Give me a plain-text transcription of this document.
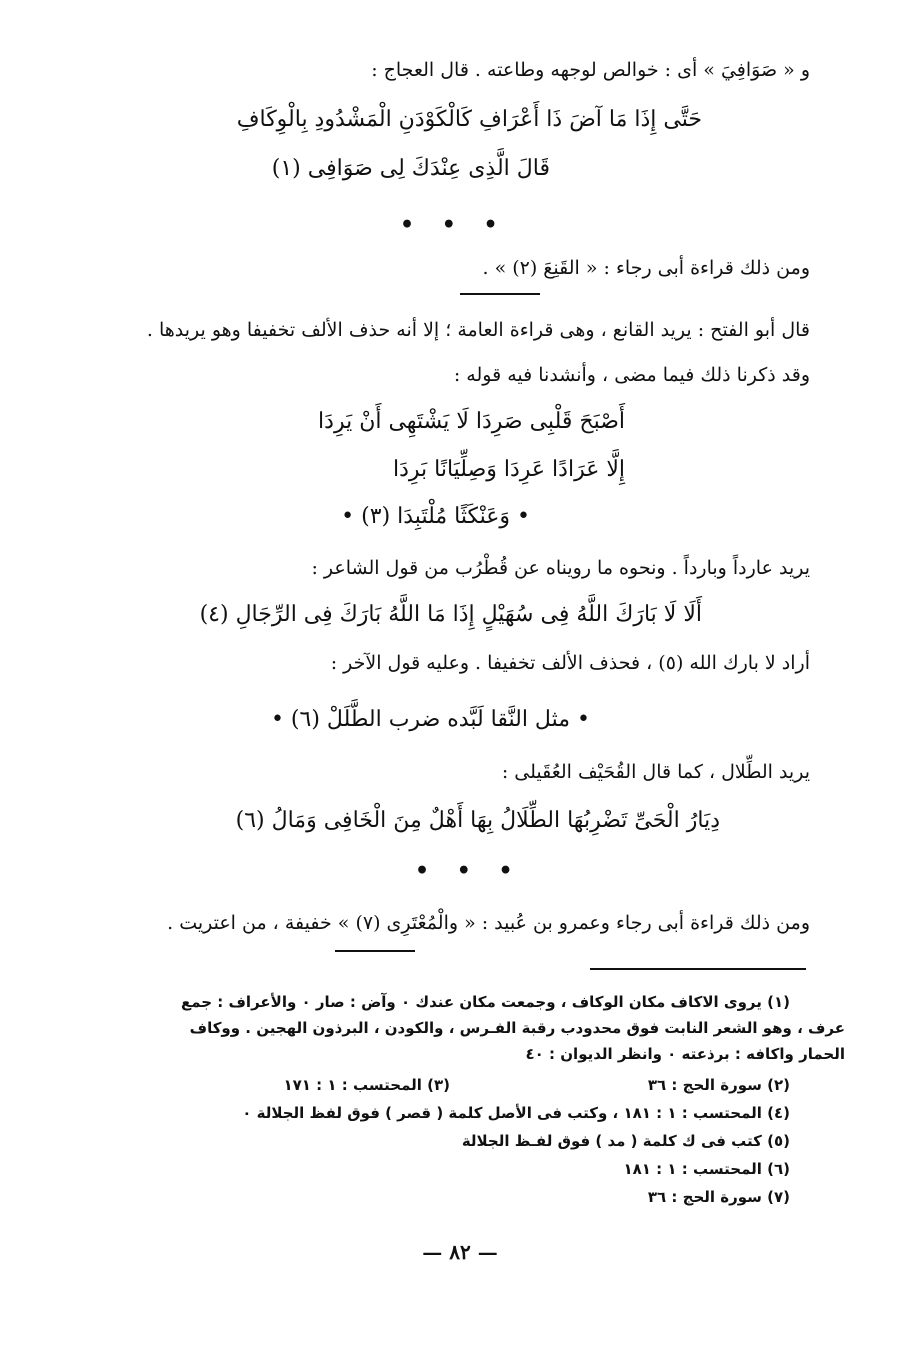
و « صَوَافِيَ » أى : خوالص لوجهه وطاعته . قال العجاج :
حَتَّى إِذَا مَا آضَ ذَا أَعْرَافِ كَالْكَوْدَنِ الْمَشْدُودِ بِالْوِكَافِ
قَالَ الَّذِى عِنْدَكَ لِى صَوَافِى (١)
• • •
ومن ذلك قراءة أبى رجاء : « القَنِعَ (٢) » .
قال أبو الفتح : يريد القانع ، وهى قراءة العامة ؛ إلا أنه حذف الألف تخفيفا وهو يريدها .
وقد ذكرنا ذلك فيما مضى ، وأنشدنا فيه قوله :
أَصْبَحَ قَلْبِى صَرِدَا لَا يَشْتَهِى أَنْ يَرِدَا
إِلَّا عَرَادًا عَرِدَا وَصِلِّيَانًا بَرِدَا
• وَعَنْكَثًا مُلْتَبِدَا (٣) •
يريد عارداً وبارداً . ونحوه ما رويناه عن قُطْرُب من قول الشاعر :
أَلَا لَا بَارَكَ اللَّهُ فِى سُهَيْلٍ إِذَا مَا اللَّهُ بَارَكَ فِى الرِّجَالِ (٤)
أراد لا بارك الله (٥) ، فحذف الألف تخفيفا . وعليه قول الآخر :
• مثل النَّقا لَبَّده ضرب الطَّلَلْ (٦) •
يريد الطِّلال ، كما قال القُحَيْف العُقَيلى :
دِيَارُ الْحَىِّ تَضْرِبُهَا الطِّلَالُ بِهَا أَهْلٌ مِنَ الْخَافِى وَمَالُ (٦)
• • •
ومن ذلك قراءة أبى رجاء وعمرو بن عُبيد : « والْمُعْتَرِى (٧) » خفيفة ، من اعتريت .
(١) يروى الاكاف مكان الوكاف ، وجمعت مكان عندك ٠ وآض : صار ٠ والأعراف : جمع
عرف ، وهو الشعر النابت فوق محدودب رقبة الفـرس ، والكودن ، البرذون الهجين . ووكاف
الحمار واكافه : برذعته ٠ وانظر الديوان : ٤٠
(٢) سورة الحج : ٣٦
(٣) المحتسب : ١ : ١٧١
(٤) المحتسب : ١ : ١٨١ ، وكتب فى الأصل كلمة ( قصر ) فوق لفظ الجلالة ٠
(٥) كتب فى ك كلمة ( مد ) فوق لفـظ الجلالة
(٦) المحتسب : ١ : ١٨١
(٧) سورة الحج : ٣٦
— ٨٢ —
